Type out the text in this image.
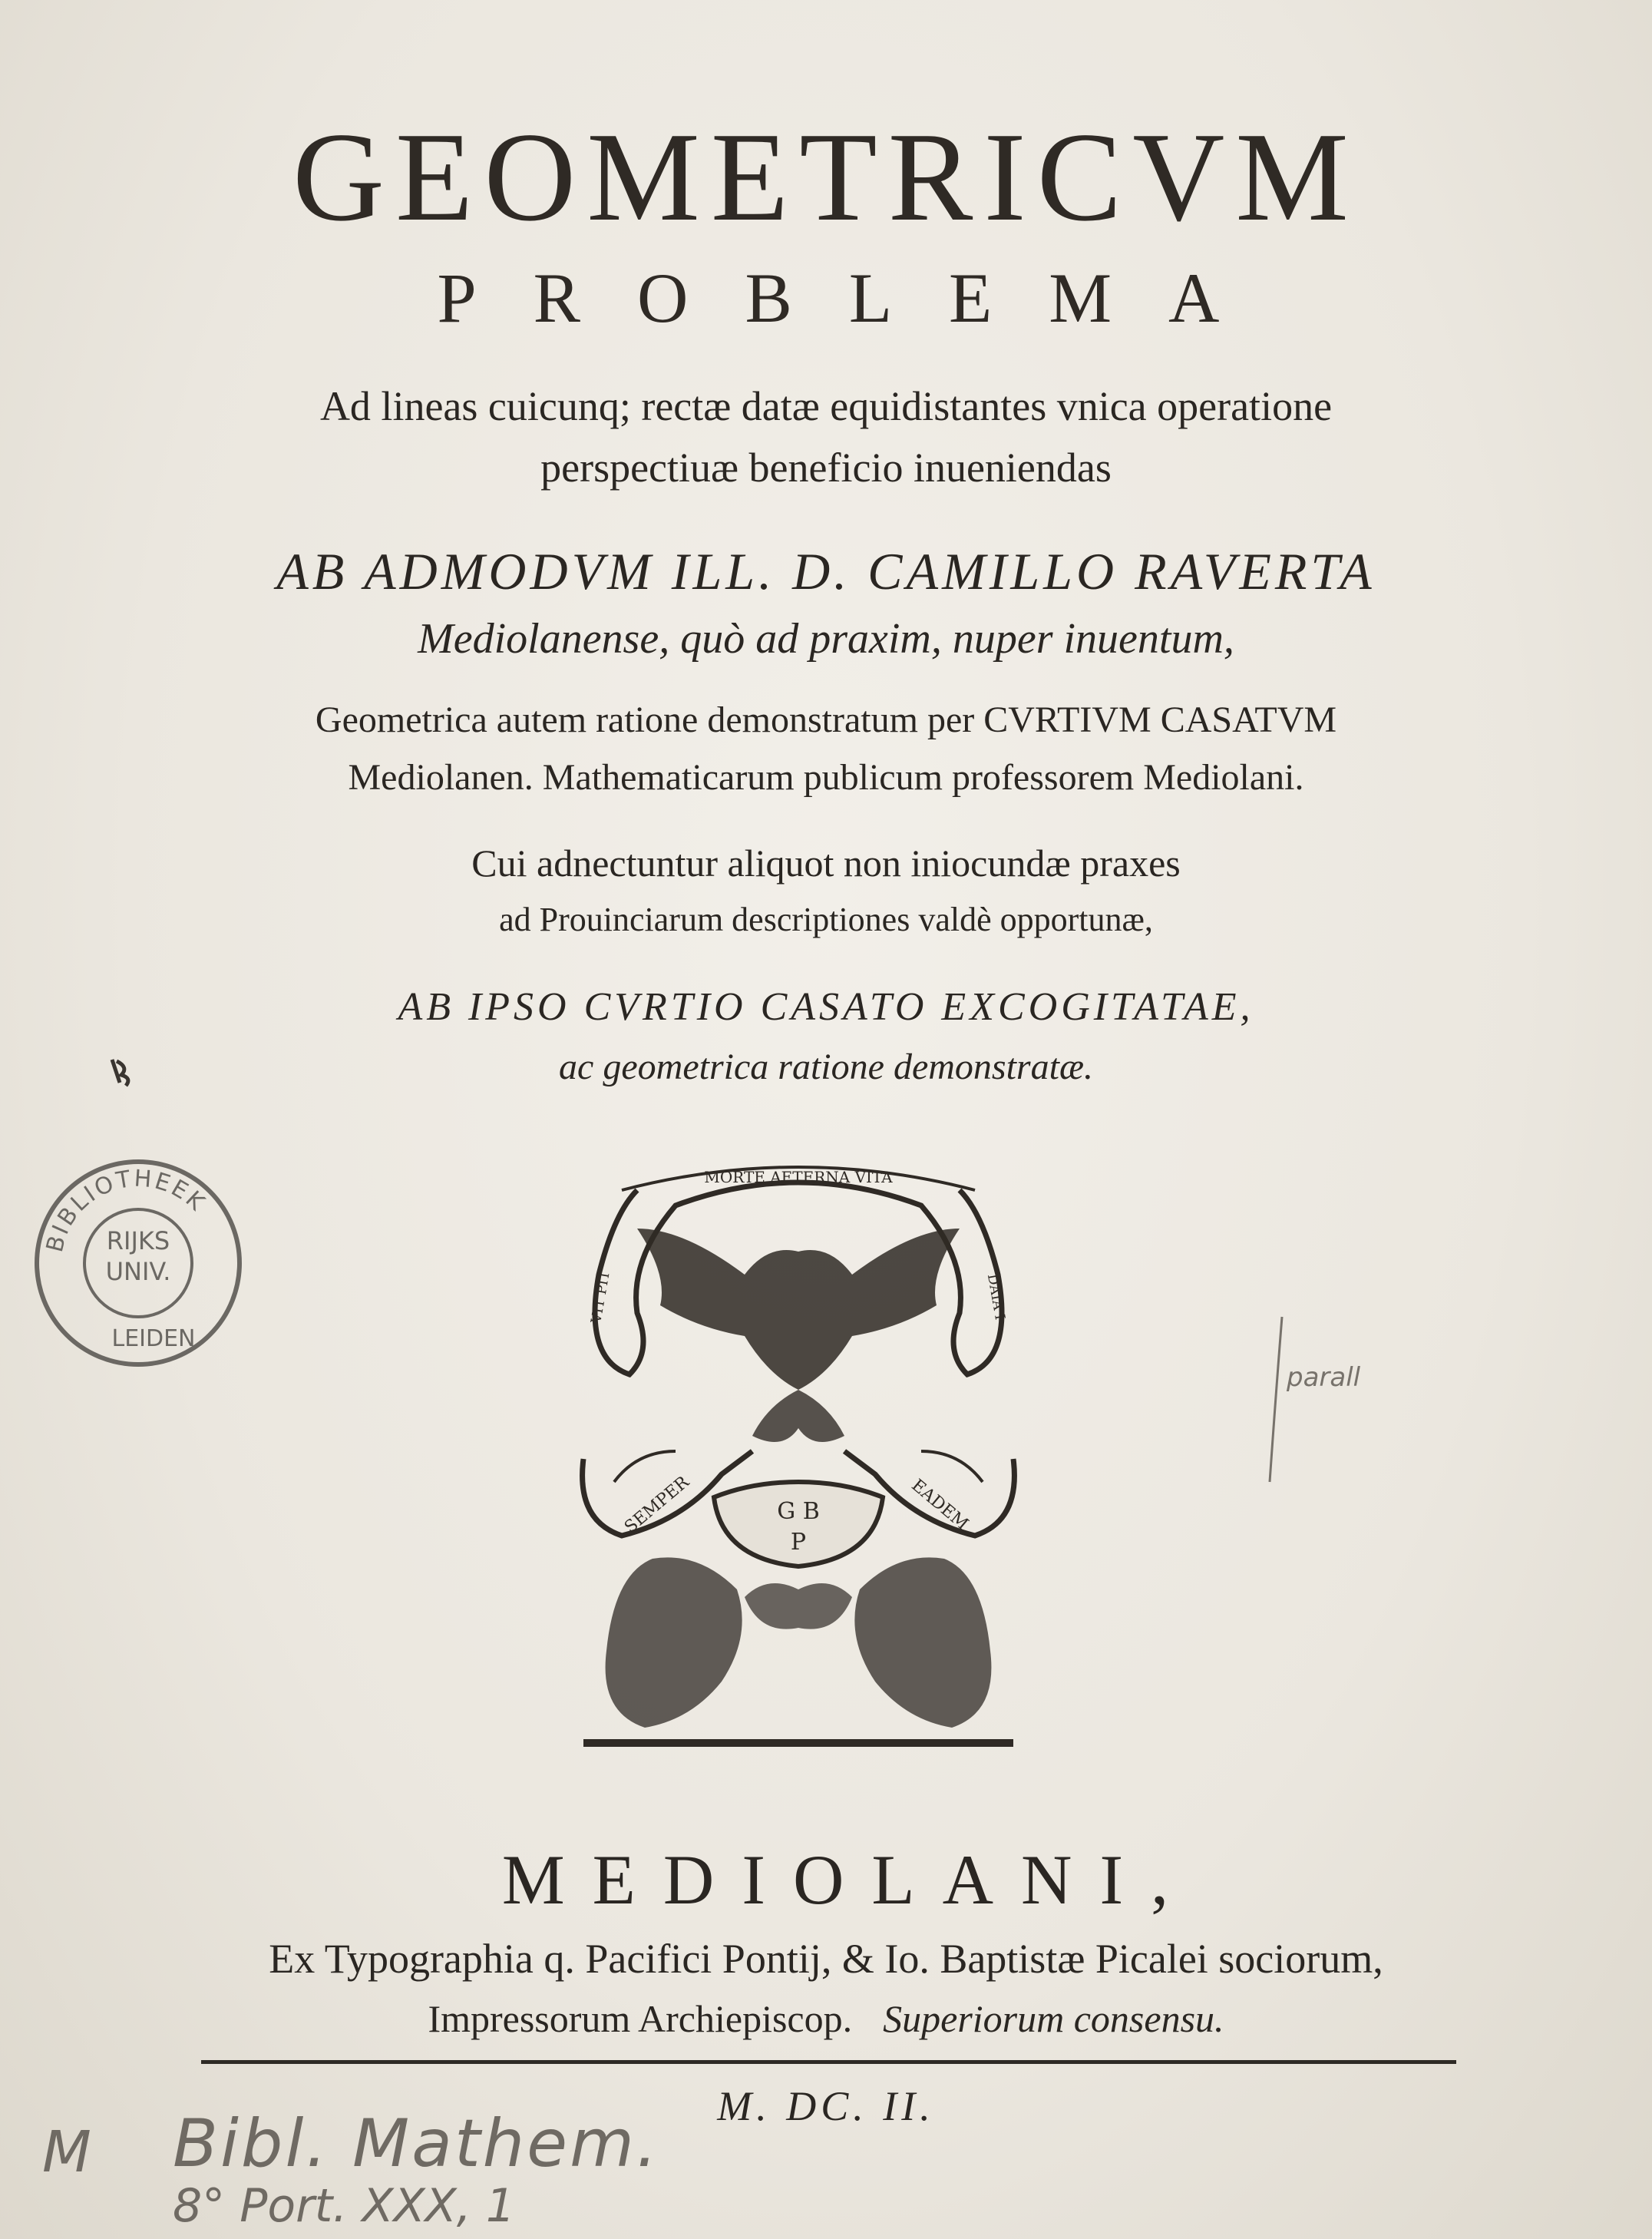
GEOMETRICVM
PROBLEMA
Ad lineas cuicunq; rectæ datæ equidistantes vnica operatione
perspectiuæ beneficio inueniendas
AB ADMODVM ILL. D. CAMILLO RAVERTA
Mediolanense, quò ad praxim, nuper inuentum,
Geometrica autem ratione demonstratum per CVRTIVM CASATVM
Mediolanen. Mathematicarum publicum professorem Mediolani.
Cui adnectuntur aliquot non iniocundæ praxes
ad Prouinciarum descriptiones valdè opportunæ,
AB IPSO CVRTIO CASATO EXCOGITATAE,
ac geometrica ratione demonstratæ.
BIBLIOTHEEK
RIJKS
UNIV.
LEIDEN
MORTE AETERNA VITA
VIT PIT	DAIA I
SEMPER	EADEM
G B
P
parall
MEDIOLANI,
Ex Typographia q. Pacifici Pontij, & Io. Baptistæ Picalei sociorum,
Impressorum Archiepiscop. Superiorum consensu.
M. DC. II.
M Bibl. Mathem.
8° Port. XXX, 1
